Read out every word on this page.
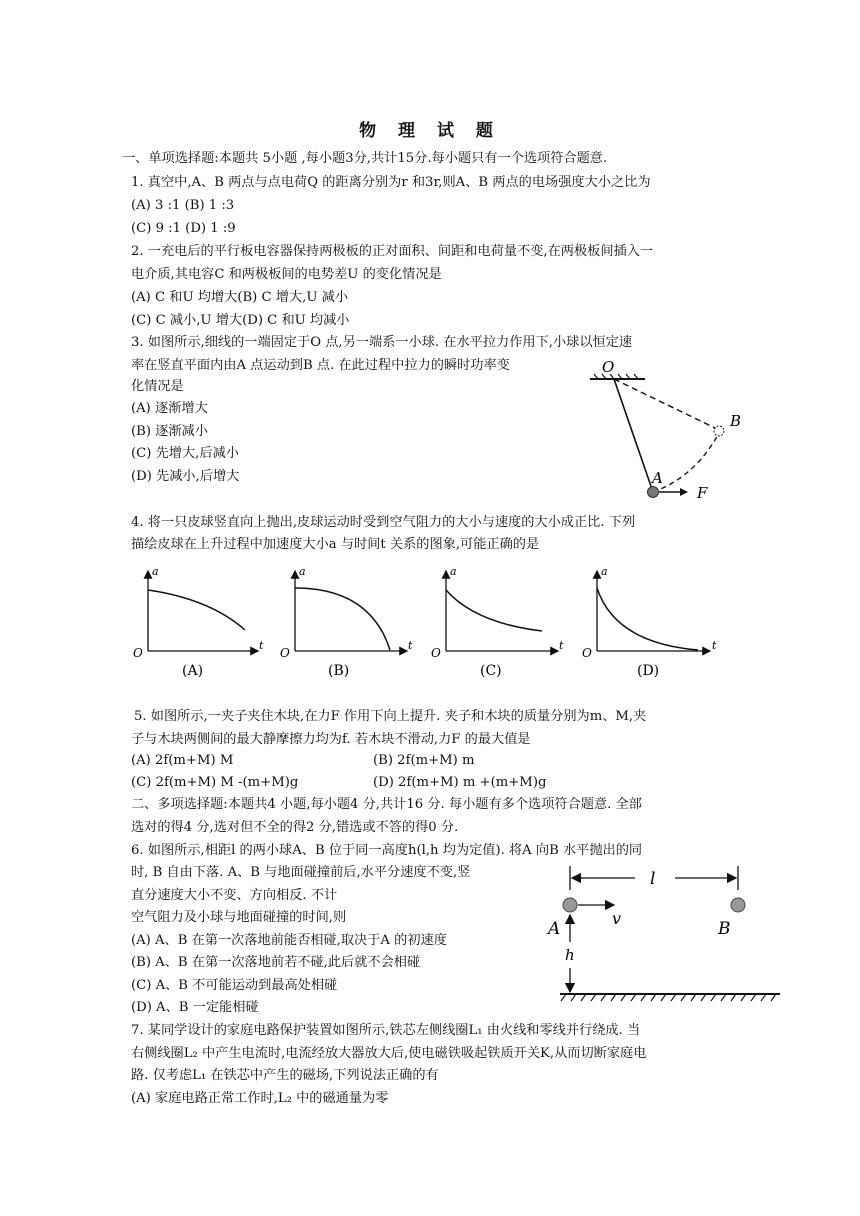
物 理 试 题
一、单项选择题:本题共 5小题 ,每小题3分,共计15分.每小题只有一个选项符合题意.
1. 真空中,A、B 两点与点电荷Q 的距离分别为r 和3r,则A、B 两点的电场强度大小之比为
(A) 3 :1 (B) 1 :3
(C) 9 :1 (D) 1 :9
2. 一充电后的平行板电容器保持两极板的正对面积、间距和电荷量不变,在两极板间插入一
电介质,其电容C 和两极板间的电势差U 的变化情况是
(A) C 和U 均增大(B) C 增大,U 减小
(C) C 减小,U 增大(D) C 和U 均减小
3. 如图所示,细线的一端固定于O 点,另一端系一小球. 在水平拉力作用下,小球以恒定速
率在竖直平面内由A 点运动到B 点. 在此过程中拉力的瞬时功率变
化情况是
(A) 逐渐增大
(B) 逐渐减小
(C) 先增大,后减小
(D) 先减小,后增大
O
B
A
F
4. 将一只皮球竖直向上抛出,皮球运动时受到空气阻力的大小与速度的大小成正比. 下列
描绘皮球在上升过程中加速度大小a 与时间t 关系的图象,可能正确的是
a
t
O
(A)
a
t
O
(B)
a
t
O
(C)
a
t
O
(D)
5. 如图所示,一夹子夹住木块,在力F 作用下向上提升. 夹子和木块的质量分别为m、M,夹
子与木块两侧间的最大静摩擦力均为f. 若木块不滑动,力F 的最大值是
(A) 2f(m+M) M	(B) 2f(m+M) m
(C) 2f(m+M) M -(m+M)g	(D) 2f(m+M) m +(m+M)g
二、多项选择题:本题共4 小题,每小题4 分,共计16 分. 每小题有多个选项符合题意. 全部
选对的得4 分,选对但不全的得2 分,错选或不答的得0 分.
6. 如图所示,相距l 的两小球A、B 位于同一高度h(l,h 均为定值). 将A 向B 水平抛出的同
时, B 自由下落. A、B 与地面碰撞前后,水平分速度不变,竖
直分速度大小不变、方向相反. 不计
空气阻力及小球与地面碰撞的时间,则
(A) A、B 在第一次落地前能否相碰,取决于A 的初速度
(B) A、B 在第一次落地前若不碰,此后就不会相碰
(C) A、B 不可能运动到最高处相碰
(D) A、B 一定能相碰
l
v
A	B
h
7. 某同学设计的家庭电路保护装置如图所示,铁芯左侧线圈L₁ 由火线和零线并行绕成. 当
右侧线圈L₂ 中产生电流时,电流经放大器放大后,使电磁铁吸起铁质开关K,从而切断家庭电
路. 仅考虑L₁ 在铁芯中产生的磁场,下列说法正确的有
(A) 家庭电路正常工作时,L₂ 中的磁通量为零
